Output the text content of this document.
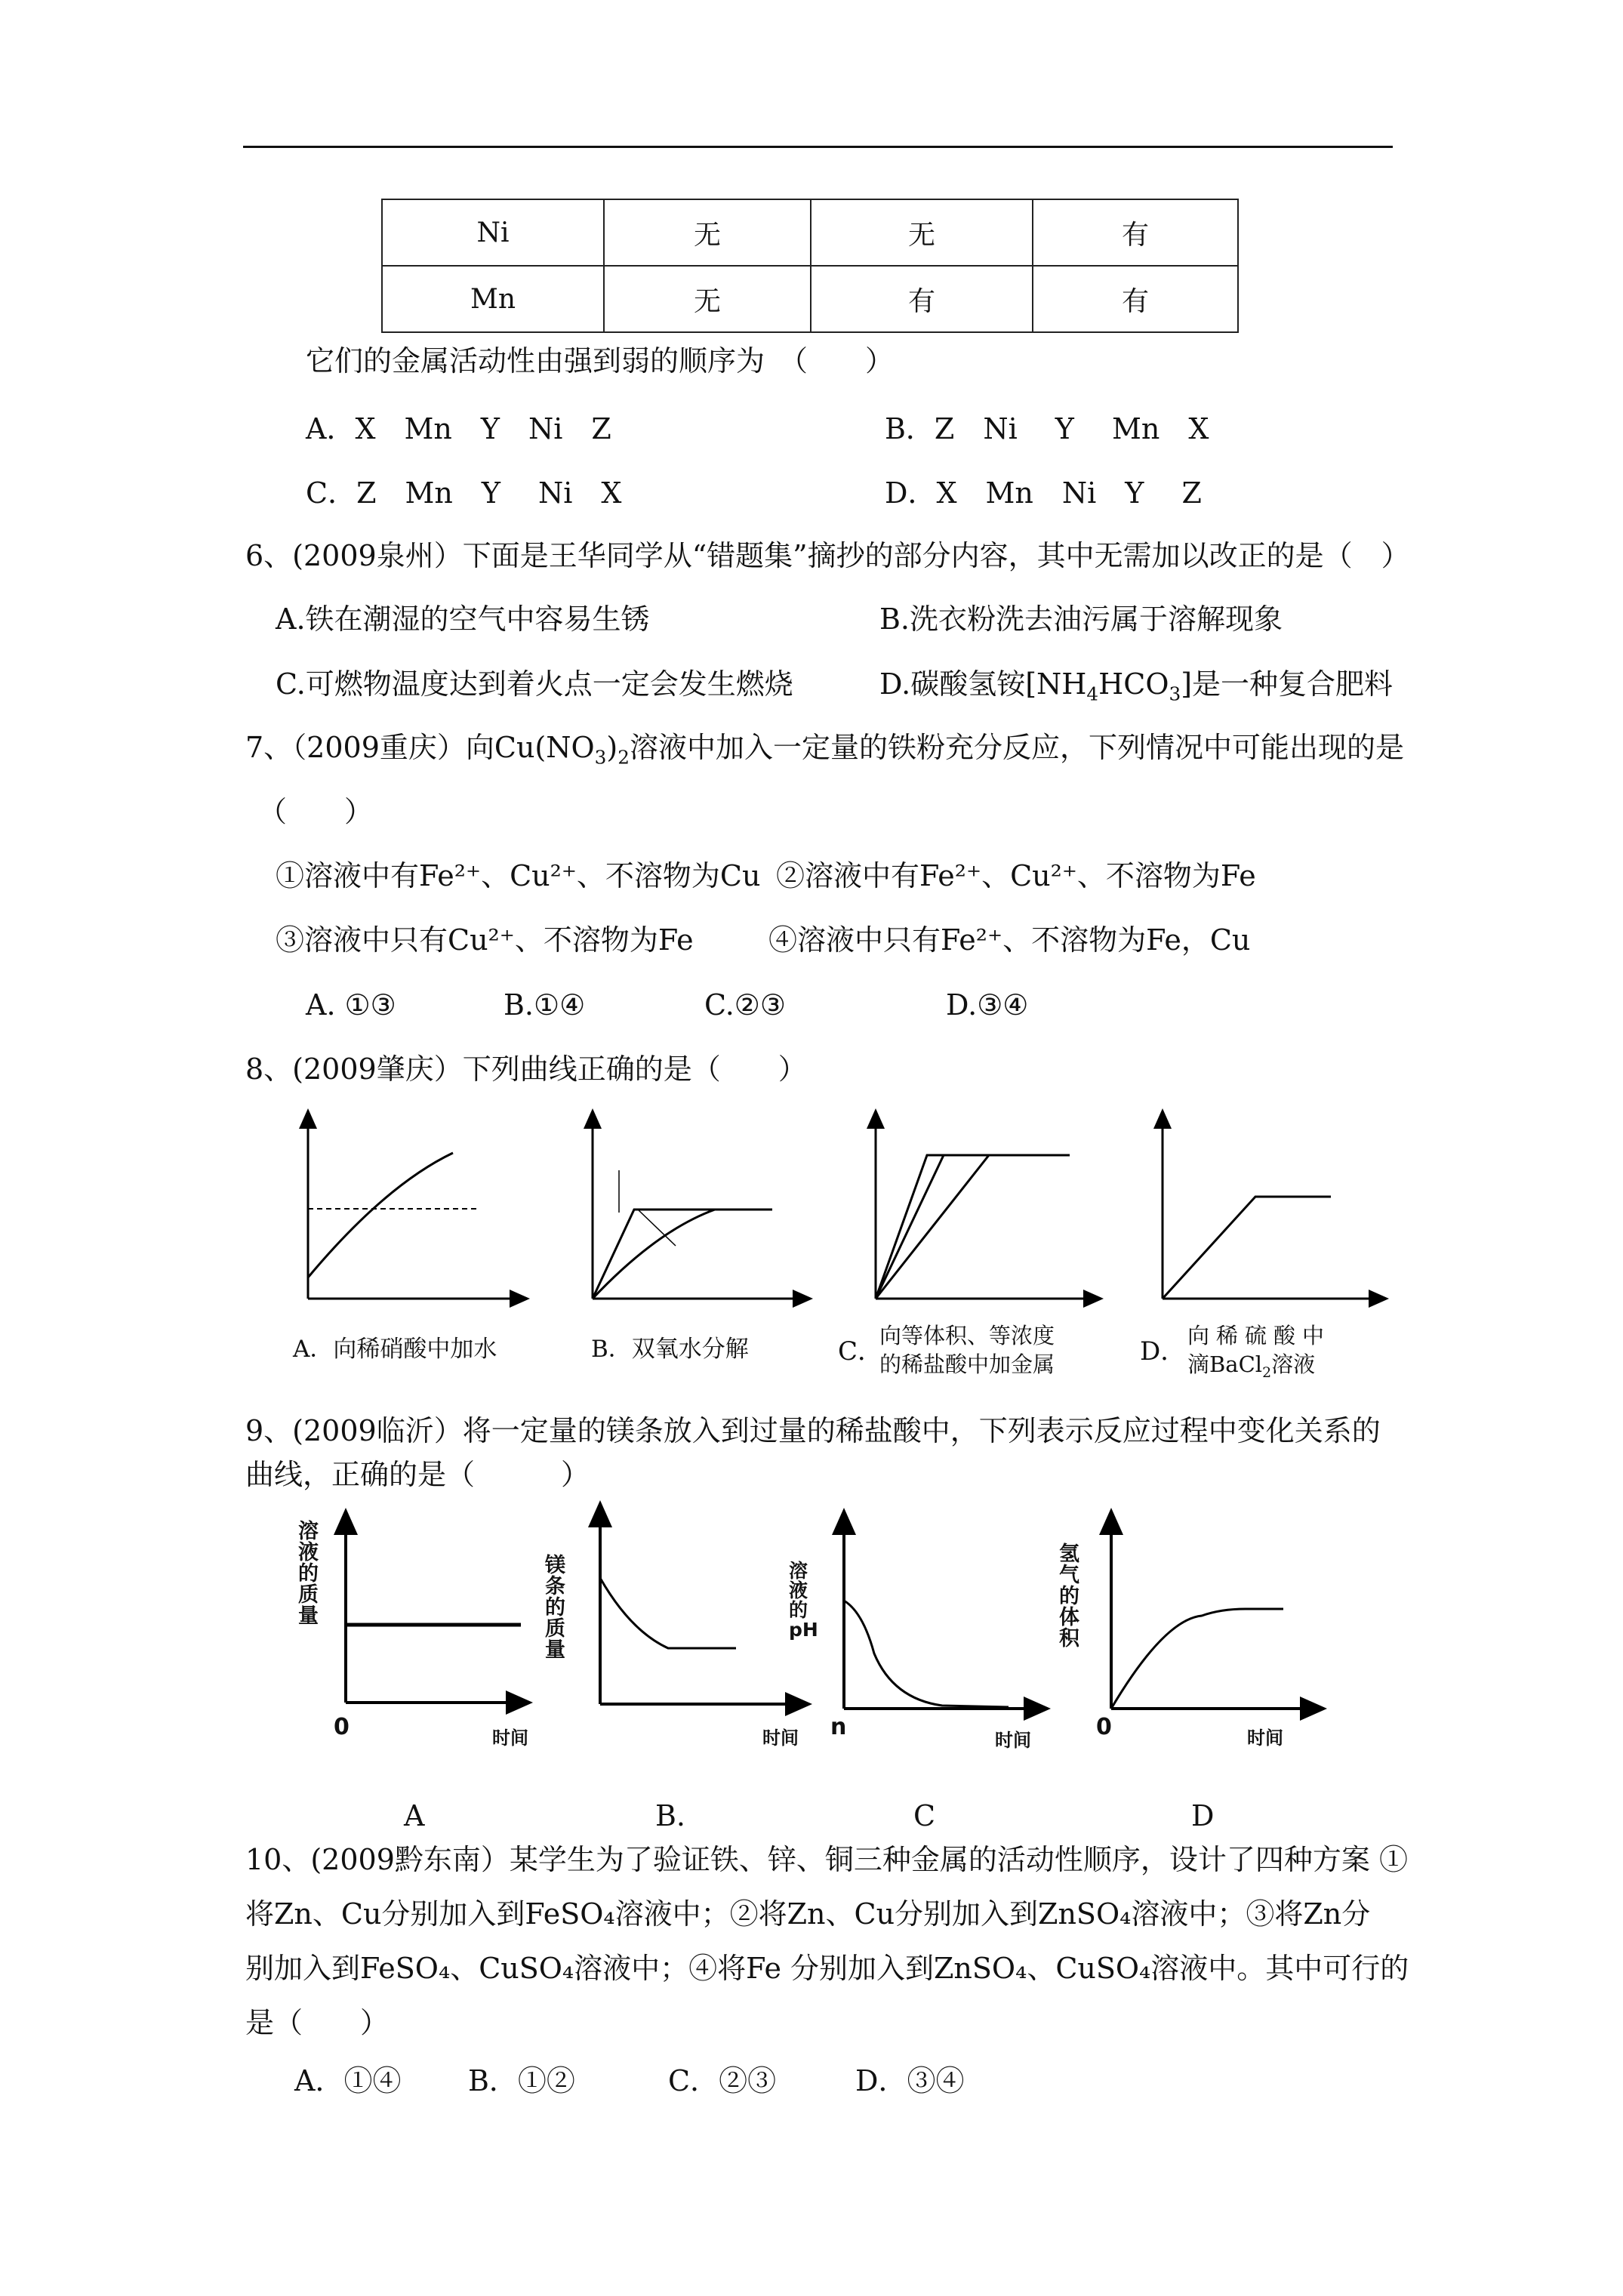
Ni	无	无	有
Mn	无	有	有
它们的金属活动性由强到弱的顺序为　（　　）
A．X　Mn　Y　Ni　Z	B．Z　Ni　 Y　 Mn　X
C．Z　Mn　Y　 Ni　X	D．X　Mn　Ni　Y　 Z
6、(2009泉州）下面是王华同学从“错题集”摘抄的部分内容，其中无需加以改正的是（　）
A.铁在潮湿的空气中容易生锈	B.洗衣粉洗去油污属于溶解现象
C.可燃物温度达到着火点一定会发生燃烧	D.碳酸氢铵$[NH_4HCO_3]$是一种复合肥料
7、（2009重庆）向$Cu(NO_3)_2$溶液中加入一定量的铁粉充分反应，下列情况中可能出现的是
（　　）
①溶液中有Fe²⁺、Cu²⁺、不溶物为Cu ②溶液中有Fe²⁺、Cu²⁺、不溶物为Fe
③溶液中只有Cu²⁺、不溶物为Fe	④溶液中只有Fe²⁺、不溶物为Fe，Cu
A. ①③	B.①④	C.②③	D.③④
8、(2009肇庆）下列曲线正确的是（　　）
A．向稀硝酸中加水	B．双氧水分解	C．
向等体积、等浓度
的稀盐酸中加金属	D．
向稀硫酸中
滴BaCl$_2$溶液
9、(2009临沂）将一定量的镁条放入到过量的稀盐酸中，下列表示反应过程中变化关系的
曲线，正确的是（　　　）
溶液的质量
0	时间
镁条的质量
时间
溶液的pH
n	时间
氢气的体积
0	时间
A	B.	C	D
10、(2009黔东南）某学生为了验证铁、锌、铜三种金属的活动性顺序，设计了四种方案 ①
将Zn、Cu分别加入到FeSO₄溶液中；②将Zn、Cu分别加入到ZnSO₄溶液中；③将Zn分
别加入到FeSO₄、CuSO₄溶液中；④将Fe 分别加入到ZnSO₄、CuSO₄溶液中。其中可行的
是（　　）
A．①④ B．①②	C．②③	D．③④
